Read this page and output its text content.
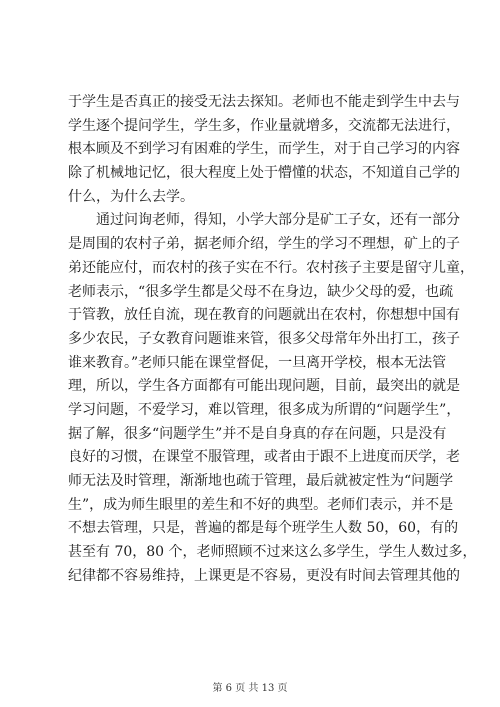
于学生是否真正的接受无法去探知。老师也不能走到学生中去与
学生逐个提问学生，学生多，作业量就增多，交流都无法进行，
根本顾及不到学习有困难的学生，而学生，对于自己学习的内容
除了机械地记忆，很大程度上处于懵懂的状态，不知道自己学的
什么，为什么去学。
通过问询老师，得知，小学大部分是矿工子女，还有一部分
是周围的农村子弟，据老师介绍，学生的学习不理想，矿上的子
弟还能应付，而农村的孩子实在不行。农村孩子主要是留守儿童，
老师表示，“很多学生都是父母不在身边，缺少父母的爱，也疏
于管教，放任自流，现在教育的问题就出在农村，你想想中国有
多少农民，子女教育问题谁来管，很多父母常年外出打工，孩子
谁来教育。”老师只能在课堂督促，一旦离开学校，根本无法管
理，所以，学生各方面都有可能出现问题，目前，最突出的就是
学习问题，不爱学习，难以管理，很多成为所谓的“问题学生”，
据了解，很多“问题学生”并不是自身真的存在问题，只是没有
良好的习惯，在课堂不服管理，或者由于跟不上进度而厌学，老
师无法及时管理，渐渐地也疏于管理，最后就被定性为“问题学
生”，成为师生眼里的差生和不好的典型。老师们表示，并不是
不想去管理，只是，普遍的都是每个班学生人数 50，60，有的
甚至有 70，80 个，老师照顾不过来这么多学生，学生人数过多，
纪律都不容易维持，上课更是不容易，更没有时间去管理其他的
第 6 页 共 13 页
